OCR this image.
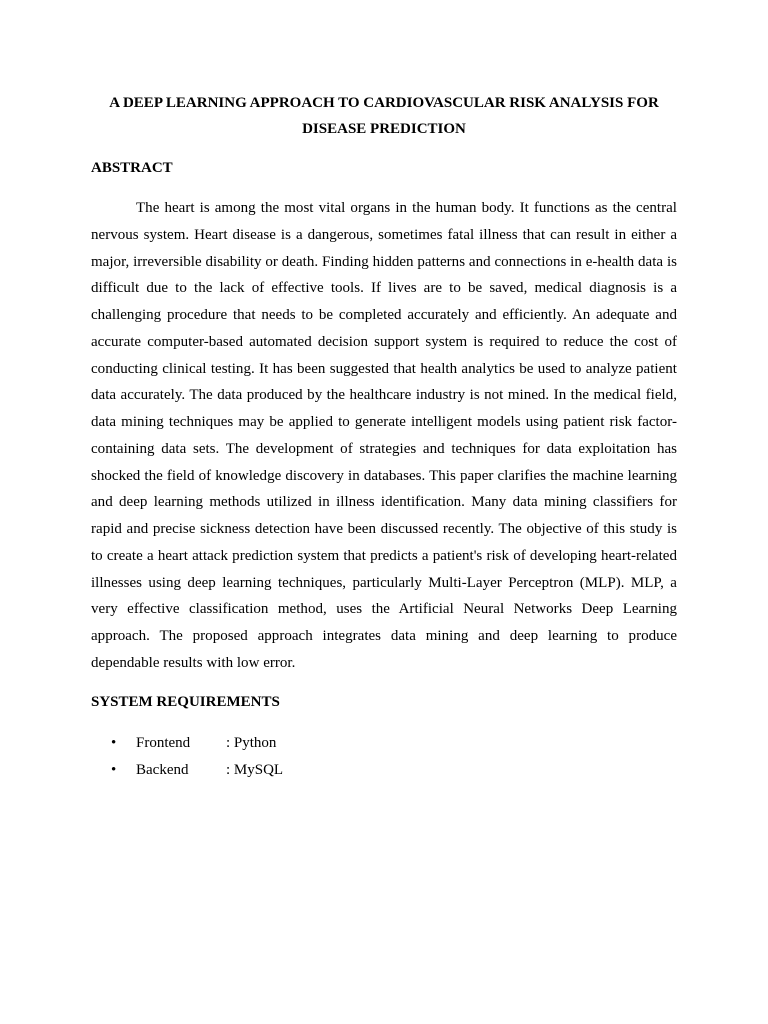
A DEEP LEARNING APPROACH TO CARDIOVASCULAR RISK ANALYSIS FOR DISEASE PREDICTION
ABSTRACT

The heart is among the most vital organs in the human body. It functions as the central nervous system. Heart disease is a dangerous, sometimes fatal illness that can result in either a major, irreversible disability or death. Finding hidden patterns and connections in e-health data is difficult due to the lack of effective tools. If lives are to be saved, medical diagnosis is a challenging procedure that needs to be completed accurately and efficiently. An adequate and accurate computer-based automated decision support system is required to reduce the cost of conducting clinical testing. It has been suggested that health analytics be used to analyze patient data accurately. The data produced by the healthcare industry is not mined. In the medical field, data mining techniques may be applied to generate intelligent models using patient risk factor-containing data sets. The development of strategies and techniques for data exploitation has shocked the field of knowledge discovery in databases. This paper clarifies the machine learning and deep learning methods utilized in illness identification. Many data mining classifiers for rapid and precise sickness detection have been discussed recently. The objective of this study is to create a heart attack prediction system that predicts a patient's risk of developing heart-related illnesses using deep learning techniques, particularly Multi-Layer Perceptron (MLP). MLP, a very effective classification method, uses the Artificial Neural Networks Deep Learning approach. The proposed approach integrates data mining and deep learning to produce dependable results with low error.

SYSTEM REQUIREMENTS
•	Frontend	: Python
•	Backend	: MySQL
